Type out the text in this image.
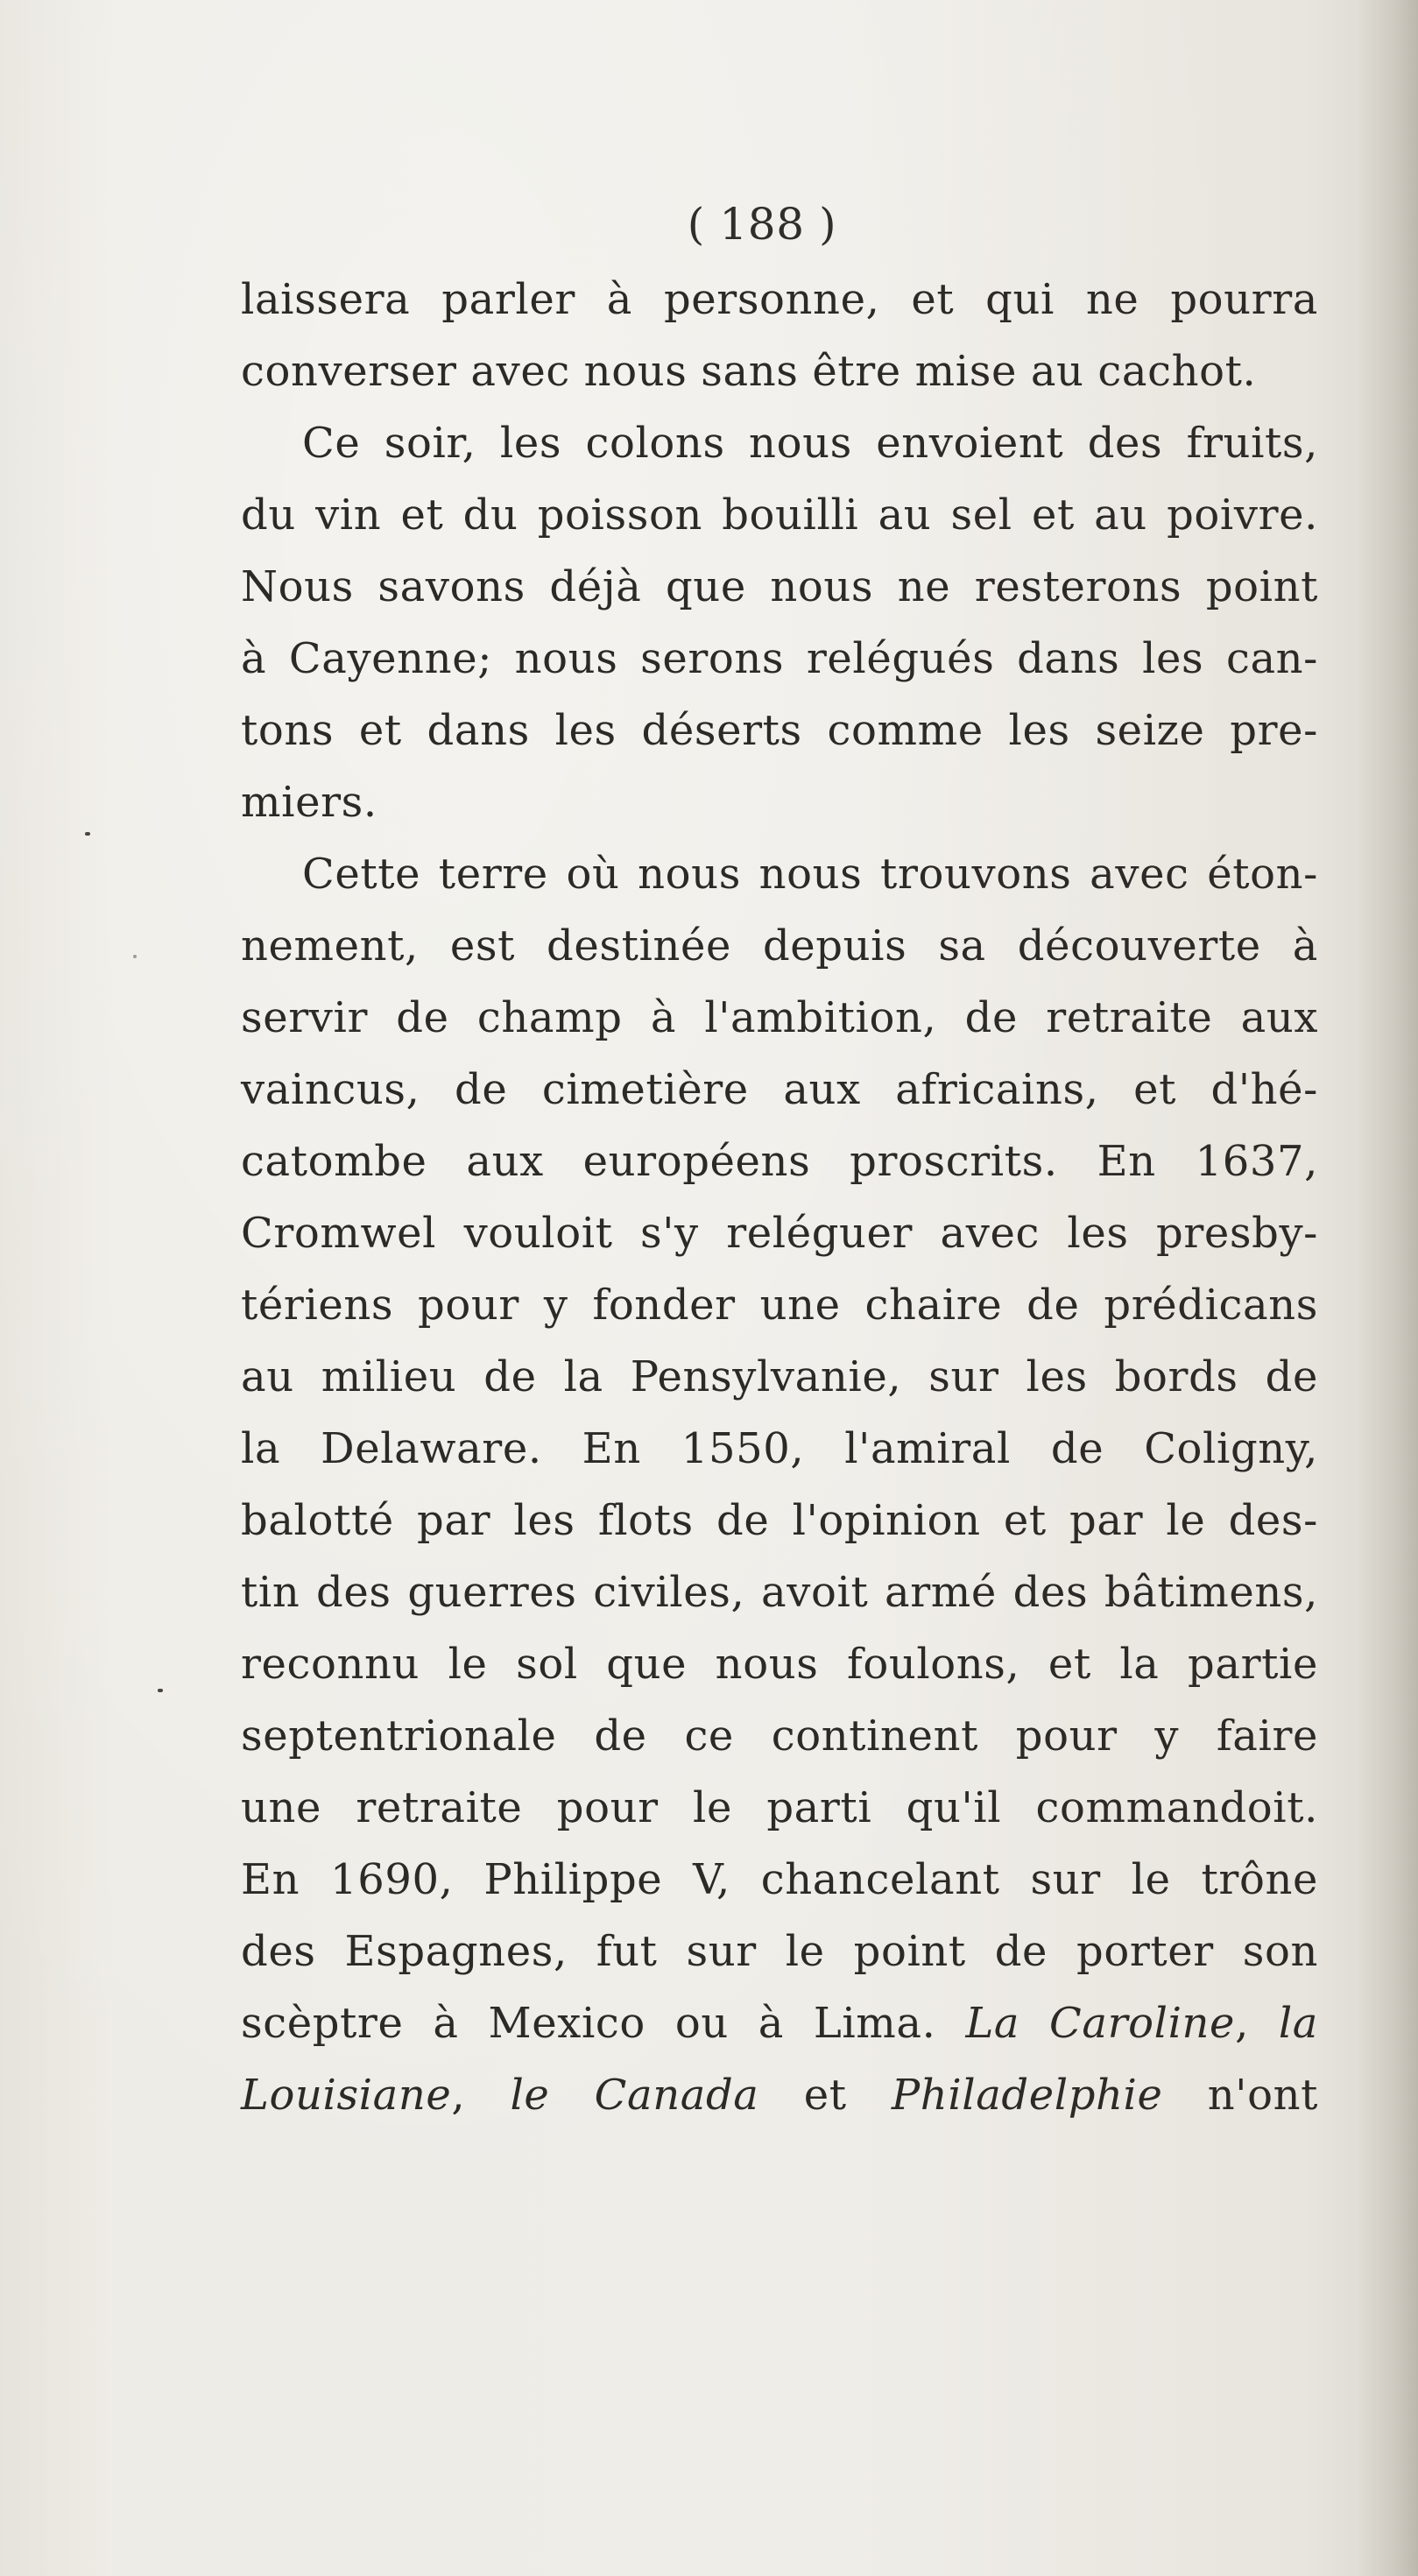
( 188 )
laissera parler à personne, et qui ne pourra
converser avec nous sans être mise au cachot.
Ce soir, les colons nous envoient des fruits,
du vin et du poisson bouilli au sel et au poivre.
Nous savons déjà que nous ne resterons point
à Cayenne; nous serons relégués dans les can-
tons et dans les déserts comme les seize pre-
miers.
Cette terre où nous nous trouvons avec éton-
nement, est destinée depuis sa découverte à
servir de champ à l'ambition, de retraite aux
vaincus, de cimetière aux africains, et d'hé-
catombe aux européens proscrits. En 1637,
Cromwel vouloit s'y reléguer avec les presby-
tériens pour y fonder une chaire de prédicans
au milieu de la Pensylvanie, sur les bords de
la Delaware. En 1550, l'amiral de Coligny,
balotté par les flots de l'opinion et par le des-
tin des guerres civiles, avoit armé des bâtimens,
reconnu le sol que nous foulons, et la partie
septentrionale de ce continent pour y faire
une retraite pour le parti qu'il commandoit.
En 1690, Philippe V, chancelant sur le trône
des Espagnes, fut sur le point de porter son
scèptre à Mexico ou à Lima. La Caroline, la
Louisiane, le Canada et Philadelphie n'ont
